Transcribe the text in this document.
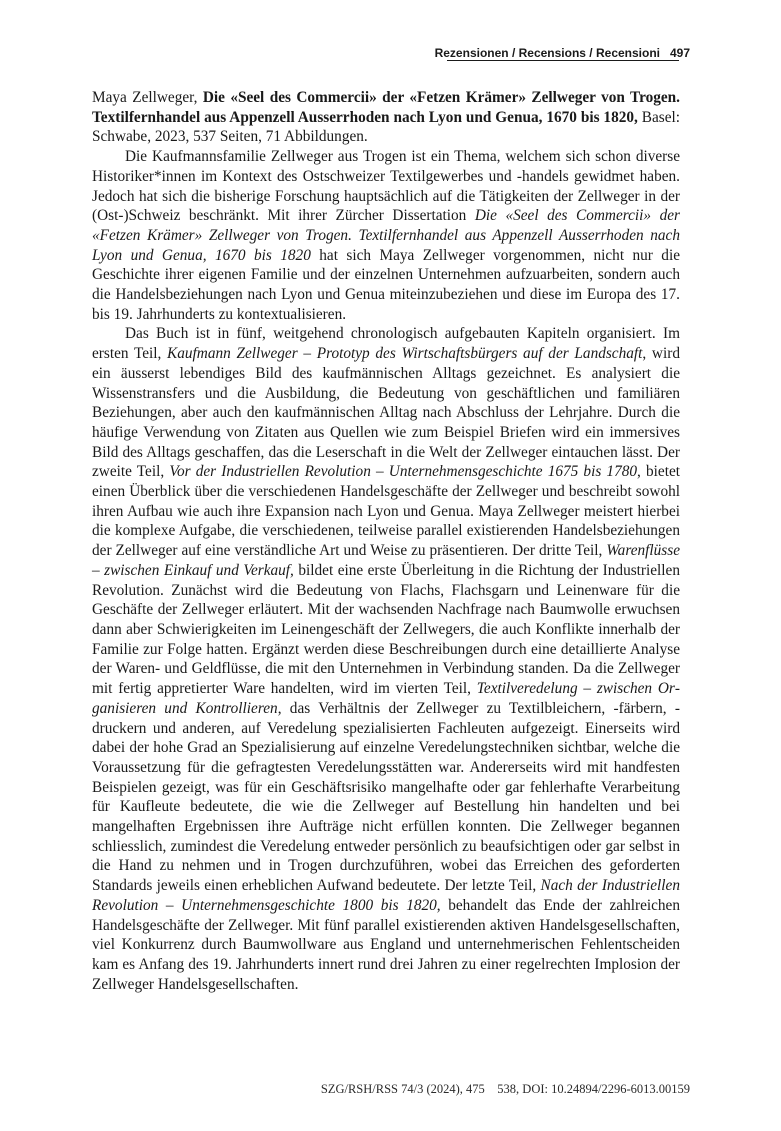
Rezensionen / Recensions / Recensioni 497

Maya Zellweger, Die «Seel des Commercii» der «Fetzen Krämer» Zellweger von Trogen. Textilfernhandel aus Appenzell Ausserrhoden nach Lyon und Genua, 1670 bis 1820, Basel: Schwabe, 2023, 537 Seiten, 71 Abbildungen.

Die Kaufmannsfamilie Zellweger aus Trogen ist ein Thema, welchem sich schon diverse Historiker*innen im Kontext des Ostschweizer Textilgewerbes und -handels gewidmet haben. Jedoch hat sich die bisherige Forschung hauptsächlich auf die Tätigkeiten der Zellweger in der (Ost-)Schweiz beschränkt. Mit ihrer Zürcher Dissertation Die «Seel des Commercii» der «Fetzen Krämer» Zellweger von Trogen. Textilfernhandel aus Appenzell Ausserrhoden nach Lyon und Genua, 1670 bis 1820 hat sich Maya Zellweger vorgenommen, nicht nur die Geschichte ihrer eigenen Familie und der einzelnen Unternehmen aufzuarbeiten, sondern auch die Handelsbeziehungen nach Lyon und Genua miteinzubeziehen und diese im Europa des 17. bis 19. Jahrhunderts zu kontextualisieren.

Das Buch ist in fünf, weitgehend chronologisch aufgebauten Kapiteln organisiert. Im ersten Teil, Kaufmann Zellweger – Prototyp des Wirtschaftsbürgers auf der Landschaft, wird ein äusserst lebendiges Bild des kaufmännischen Alltags gezeichnet. Es analysiert die Wissenstransfers und die Ausbildung, die Bedeutung von geschäftlichen und familiären Beziehungen, aber auch den kaufmännischen Alltag nach Abschluss der Lehrjahre. Durch die häufige Verwendung von Zitaten aus Quellen wie zum Beispiel Briefen wird ein immersives Bild des Alltags geschaffen, das die Leserschaft in die Welt der Zellweger eintauchen lässt. Der zweite Teil, Vor der Industriellen Revolution – Unternehmensgeschichte 1675 bis 1780, bietet einen Überblick über die verschiedenen Handelsgeschäfte der Zellweger und beschreibt sowohl ihren Aufbau wie auch ihre Expansion nach Lyon und Genua. Maya Zellweger meistert hierbei die komplexe Aufgabe, die verschiedenen, teilweise parallel existierenden Handelsbeziehungen der Zellweger auf eine verständliche Art und Weise zu präsentieren. Der dritte Teil, Warenflüsse – zwischen Einkauf und Verkauf, bildet eine erste Überleitung in die Richtung der Industriellen Revolution. Zunächst wird die Bedeutung von Flachs, Flachsgarn und Leinenware für die Geschäfte der Zellweger erläutert. Mit der wachsenden Nachfrage nach Baumwolle erwuchsen dann aber Schwierigkeiten im Leinengeschäft der Zellwegers, die auch Konflikte innerhalb der Familie zur Folge hatten. Ergänzt werden diese Beschreibungen durch eine detaillierte Analyse der Waren- und Geldflüsse, die mit den Unternehmen in Verbindung standen. Da die Zellweger mit fertig appretierter Ware handelten, wird im vierten Teil, Textilveredelung – zwischen Organisieren und Kontrollieren, das Verhältnis der Zellweger zu Textilbleichern, -färbern, -druckern und anderen, auf Veredelung spezialisierten Fachleuten aufgezeigt. Einerseits wird dabei der hohe Grad an Spezialisierung auf einzelne Veredelungstechniken sichtbar, welche die Voraussetzung für die gefragtesten Veredelungsstätten war. Andererseits wird mit handfesten Beispielen gezeigt, was für ein Geschäftsrisiko mangelhafte oder gar fehlerhafte Verarbeitung für Kaufleute bedeutete, die wie die Zellweger auf Bestellung hin handelten und bei mangelhaften Ergebnissen ihre Aufträge nicht erfüllen konnten. Die Zellweger begannen schliesslich, zumindest die Veredelung entweder persönlich zu beaufsichtigen oder gar selbst in die Hand zu nehmen und in Trogen durchzuführen, wobei das Erreichen des geforderten Standards jeweils einen erheblichen Aufwand bedeutete. Der letzte Teil, Nach der Industriellen Revolution – Unternehmensgeschichte 1800 bis 1820, behandelt das Ende der zahlreichen Handelsgeschäfte der Zellweger. Mit fünf parallel existierenden aktiven Handelsgesellschaften, viel Konkurrenz durch Baumwollware aus England und unternehmerischen Fehlentscheiden kam es Anfang des 19. Jahrhunderts innert rund drei Jahren zu einer regelrechten Implosion der Zellweger Handelsgesellschaften.

SZG/RSH/RSS 74/3 (2024), 475 538, DOI: 10.24894/2296-6013.00159
